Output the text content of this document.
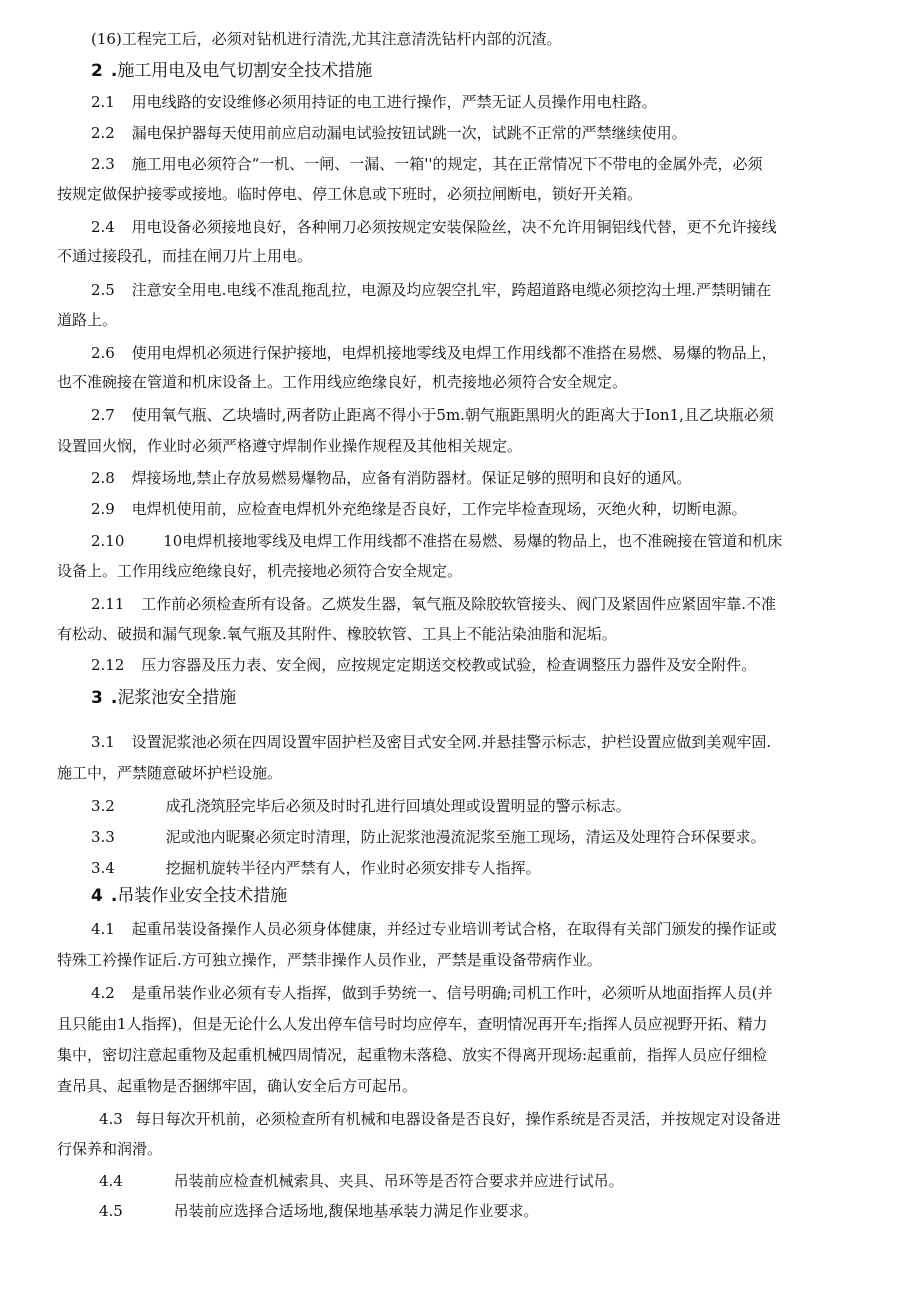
(16)工程完工后，必须对钻机进行清洗,尤其注意清洗钻杆内部的沉渣。
2 .施工用电及电气切割安全技术措施
2.1 用电线路的安设维修必须用持证的电工进行操作，严禁无证人员操作用电柱路。
2.2 漏电保护器每天使用前应启动漏电试验按钮试跳一次，试跳不正常的严禁继续使用。
2.3 施工用电必须符合“一机、一闸、一漏、一箱''的规定，其在正常情况下不带电的金属外壳，必须
按规定做保护接零或接地。临时停电、停工休息或下班时，必须拉闸断电，锁好开关箱。
2.4 用电设备必须接地良好，各种闸刀必须按规定安装保险丝，决不允许用铜铝线代替，更不允许接线
不通过接段孔，而挂在闸刀片上用电。
2.5 注意安全用电.电线不准乱拖乱拉，电源及均应袈空扎牢，跨超道路电缆必须挖沟土埋.严禁明铺在
道路上。
2.6 使用电焊机必须进行保护接地，电焊机接地零线及电焊工作用线都不准搭在易燃、易爆的物品上，
也不准碗接在管道和机床设备上。工作用线应绝缘良好，机壳接地必须符合安全规定。
2.7 使用氧气瓶、乙块墙时,两者防止距离不得小于5m.朝气瓶距黑明火的距离大于Ion1,且乙块瓶必须
设置回火悯，作业时必须严格遵守焊制作业操作规程及其他相关规定。
2.8 焊接场地,禁止存放易燃易爆物品，应备有消防器材。保证足够的照明和良好的通风。
2.9 电焊机使用前，应检查电焊机外充绝缘是否良好，工作完毕检查现场，灭绝火种，切断电源。
2.10	10电焊机接地零线及电焊工作用线都不准搭在易燃、易爆的物品上，也不准碗接在管道和机床
设备上。工作用线应绝缘良好，机壳接地必须符合安全规定。
2.11 工作前必须检查所有设备。乙煐发生器，氧气瓶及除胶软管接头、阀门及紧固件应紧固牢靠.不准
有松动、破损和漏气现象.氧气瓶及其附件、橡胶软管、工具上不能沾染油脂和泥垢。
2.12 压力容器及压力表、安全阀，应按规定定期送交校教或试验，检查调整压力器件及安全附件。
3 .泥浆池安全措施
3.1 设置泥浆池必须在四周设置牢固护栏及密目式安全网.并悬挂警示标志，护栏设置应做到美观牢固.
施工中，严禁随意破坏护栏设施。
3.2	成孔浇筑胫完毕后必须及时时孔进行回填处理或设置明显的警示标志。
3.3	泥或池内昵聚必须定时清理，防止泥浆池漫流泥浆至施工现场，清运及处理符合环保要求。
3.4	挖掘机旋转半径内严禁有人，作业时必须安排专人指挥。
4 .吊装作业安全技术措施
4.1 起重吊装设备操作人员必须身体健康，并经过专业培训考试合格，在取得有关部门颁发的操作证或
特殊工衿操作证后.方可独立操作，严禁非操作人员作业，严禁是重设备带病作业。
4.2 是重吊装作业必须有专人指挥，做到手势统一、信号明确;司机工作叶，必须听从地面指挥人员(并
且只能由1人指挥)，但是无论什么人发出停车信号时均应停车，查明情况再开车;指挥人员应视野开拓、精力
集中，密切注意起重物及起重机械四周情况，起重物未落稳、放实不得离开现场:起重前，指挥人员应仔细检
查吊具、起重物是否捆绑牢固，确认安全后方可起吊。
4.3 每日每次开机前，必须检查所有机械和电器设备是否良好，操作系统是否灵活，并按规定对设备进
行保养和润滑。
4.4	吊装前应检查机械索具、夹具、吊环等是否符合要求并应进行试吊。
4.5	吊装前应选择合适场地,馥保地基承装力满足作业要求。
